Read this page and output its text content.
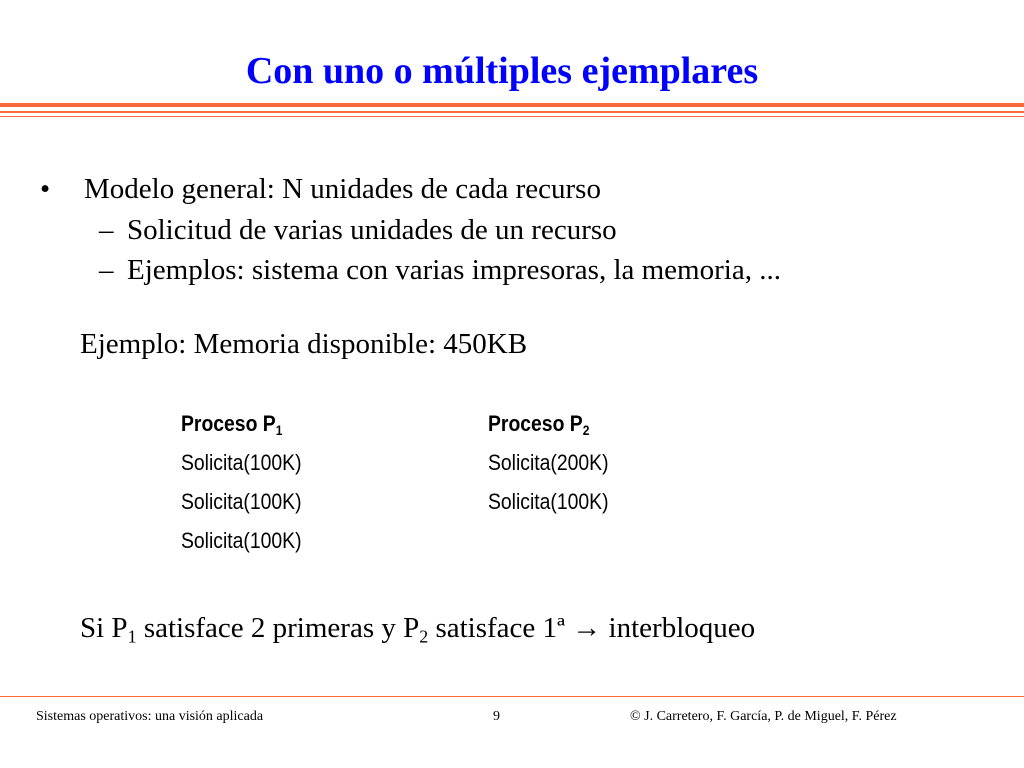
Con uno o múltiples ejemplares
• Modelo general: N unidades de cada recurso
– Solicitud de varias unidades de un recurso
– Ejemplos: sistema con varias impresoras, la memoria, ...
Ejemplo: Memoria disponible: 450KB
Proceso $P_1$
Solicita(100K)
Solicita(100K)
Solicita(100K)
Proceso $P_2$
Solicita(200K)
Solicita(100K)
Si $P_1$ satisface 2 primeras y $P_2$ satisface 1ª → interbloqueo
Sistemas operativos: una visión aplicada	9	© J. Carretero, F. García, P. de Miguel, F. Pérez
